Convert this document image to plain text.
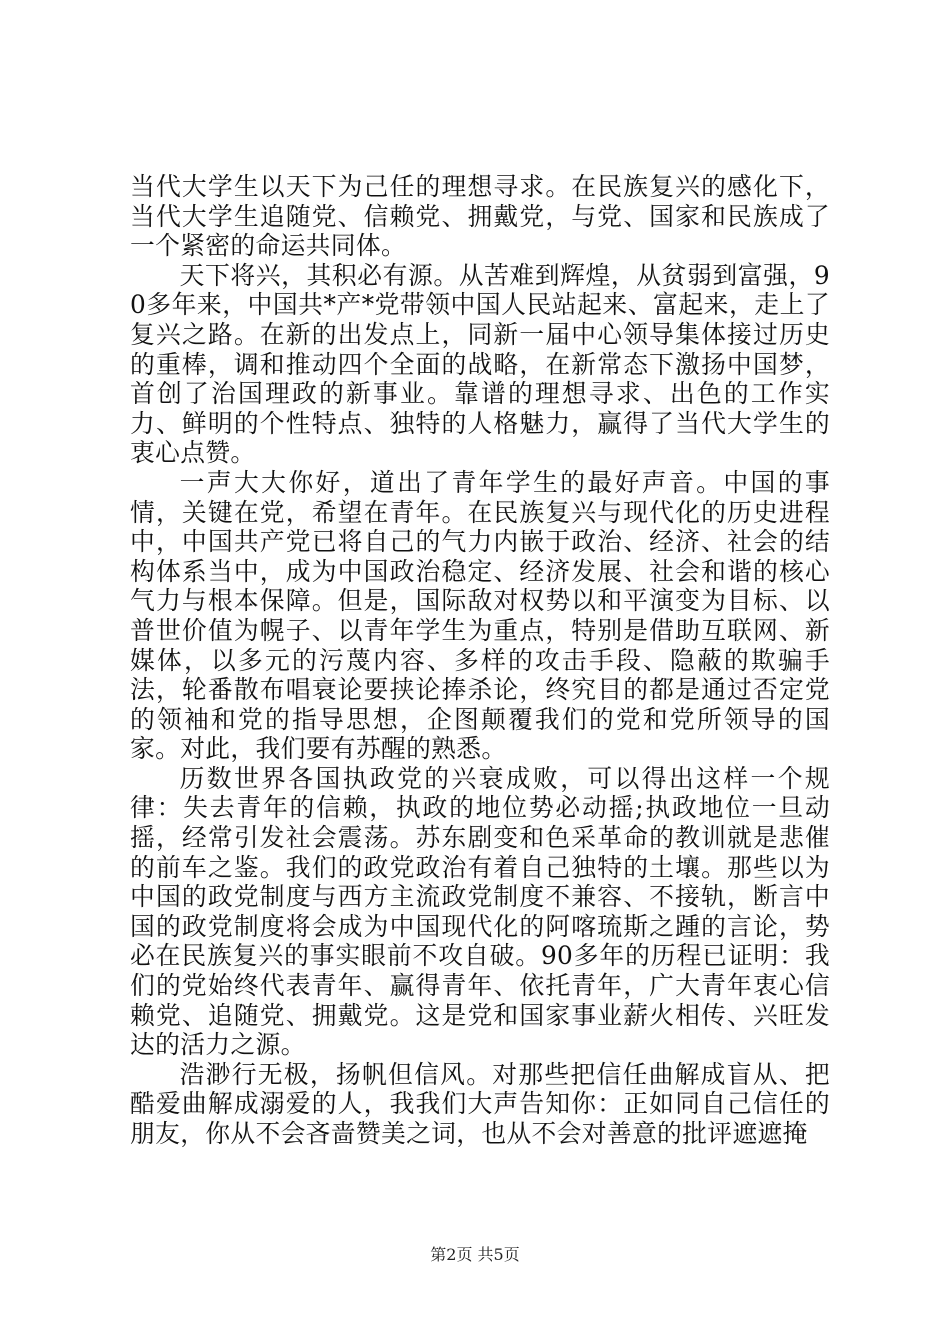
当代大学生以天下为己任的理想寻求。在民族复兴的感化下，当代大学生追随党、信赖党、拥戴党，与党、国家和民族成了一个紧密的命运共同体。

天下将兴，其积必有源。从苦难到辉煌，从贫弱到富强，90多年来，中国共*产*党带领中国人民站起来、富起来，走上了复兴之路。在新的出发点上，同新一届中心领导集体接过历史的重棒，调和推动四个全面的战略，在新常态下激扬中国梦，首创了治国理政的新事业。靠谱的理想寻求、出色的工作实力、鲜明的个性特点、独特的人格魅力，赢得了当代大学生的衷心点赞。

一声大大你好，道出了青年学生的最好声音。中国的事情，关键在党，希望在青年。在民族复兴与现代化的历史进程中，中国共产党已将自己的气力内嵌于政治、经济、社会的结构体系当中，成为中国政治稳定、经济发展、社会和谐的核心气力与根本保障。但是，国际敌对权势以和平演变为目标、以普世价值为幌子、以青年学生为重点，特别是借助互联网、新媒体，以多元的污蔑内容、多样的攻击手段、隐蔽的欺骗手法，轮番散布唱衰论要挟论捧杀论，终究目的都是通过否定党的领袖和党的指导思想，企图颠覆我们的党和党所领导的国家。对此，我们要有苏醒的熟悉。

历数世界各国执政党的兴衰成败，可以得出这样一个规律：失去青年的信赖，执政的地位势必动摇;执政地位一旦动摇，经常引发社会震荡。苏东剧变和色采革命的教训就是悲催的前车之鉴。我们的政党政治有着自己独特的土壤。那些以为中国的政党制度与西方主流政党制度不兼容、不接轨，断言中国的政党制度将会成为中国现代化的阿喀琉斯之踵的言论，势必在民族复兴的事实眼前不攻自破。90多年的历程已证明：我们的党始终代表青年、赢得青年、依托青年，广大青年衷心信赖党、追随党、拥戴党。这是党和国家事业薪火相传、兴旺发达的活力之源。

浩渺行无极，扬帆但信风。对那些把信任曲解成盲从、把酷爱曲解成溺爱的人，我我们大声告知你：正如同自己信任的朋友，你从不会吝啬赞美之词，也从不会对善意的批评遮遮掩

第2页 共5页
